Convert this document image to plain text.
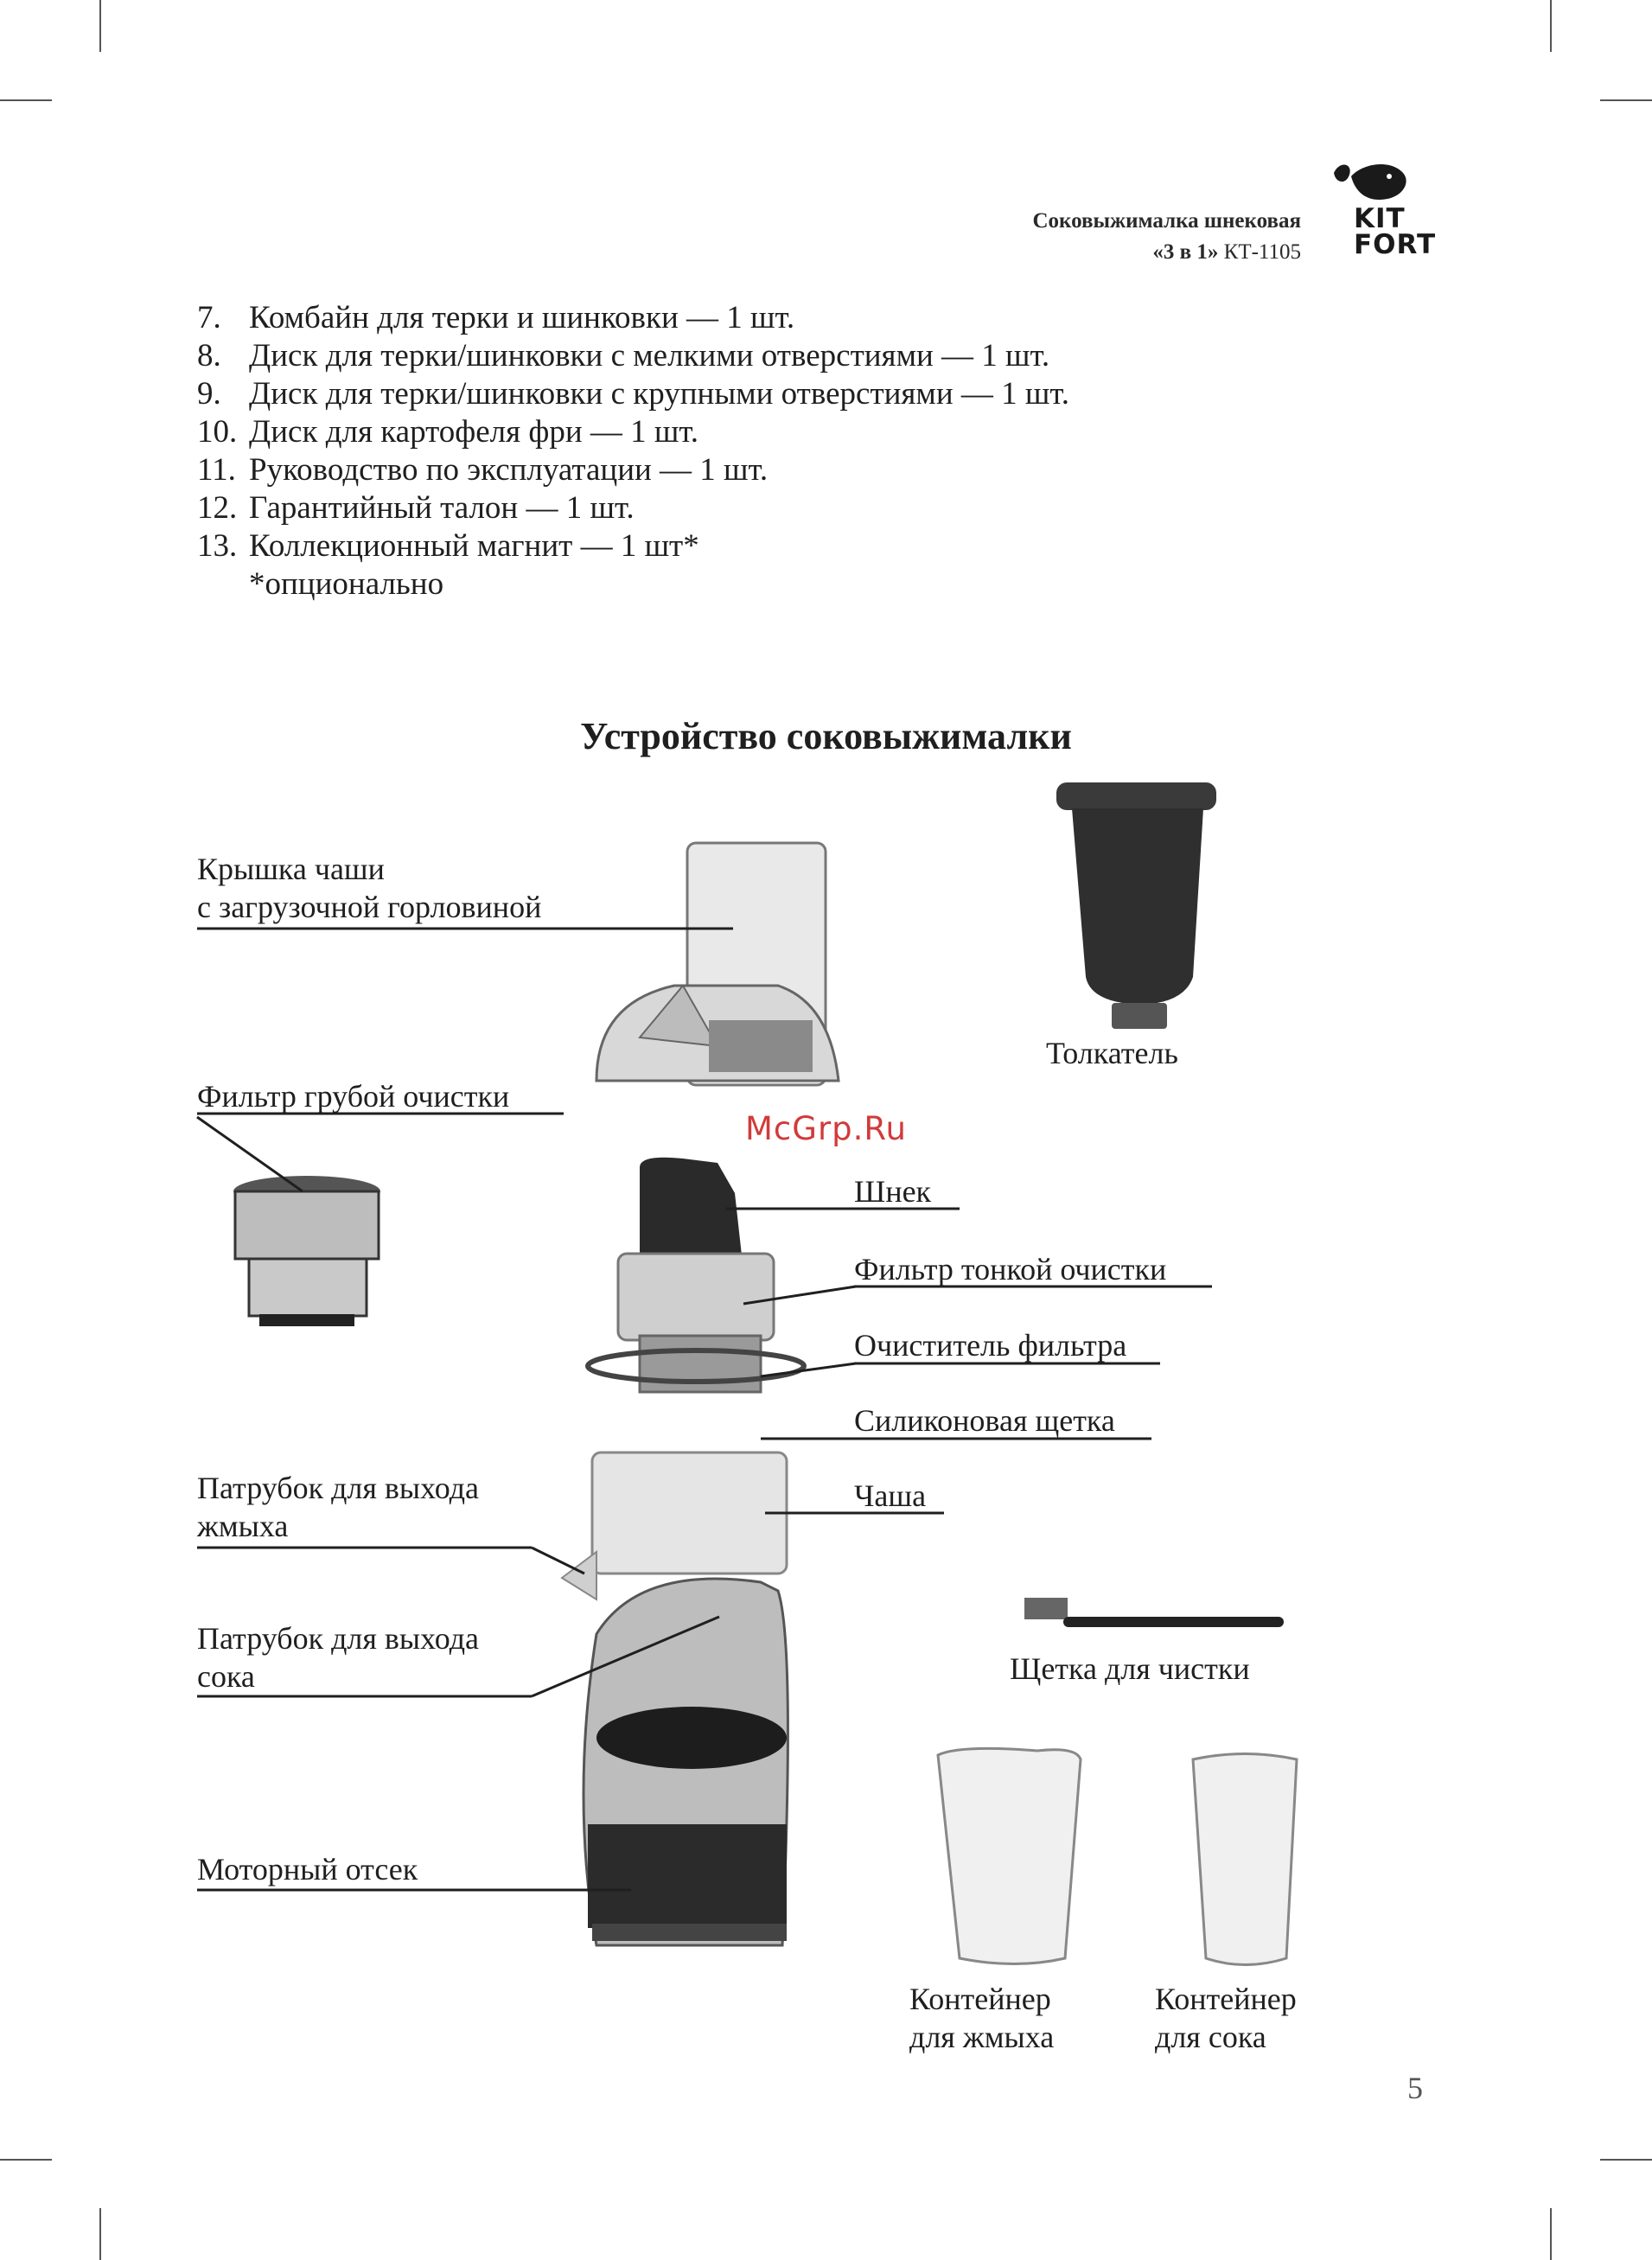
Соковыжималка шнековая
«3 в 1» КТ-1105
KIT
FORT
7. Комбайн для терки и шинковки — 1 шт.
8. Диск для терки/шинковки с мелкими отверстиями — 1 шт.
9. Диск для терки/шинковки с крупными отверстиями — 1 шт.
10. Диск для картофеля фри — 1 шт.
11. Руководство по эксплуатации — 1 шт.
12. Гарантийный талон — 1 шт.
13. Коллекционный магнит — 1 шт*
*опционально
Устройство соковыжималки
Крышка чаши
с загрузочной горловиной
Фильтр грубой очистки
Толкатель
McGrp.Ru
Шнек
Фильтр тонкой очистки
Очиститель фильтра
Силиконовая щетка
Чаша
Патрубок для выхода
жмыха
Патрубок для выхода
сока	Щетка для чистки
Моторный отсек
Контейнер
для жмыха
Контейнер
для сока
5
